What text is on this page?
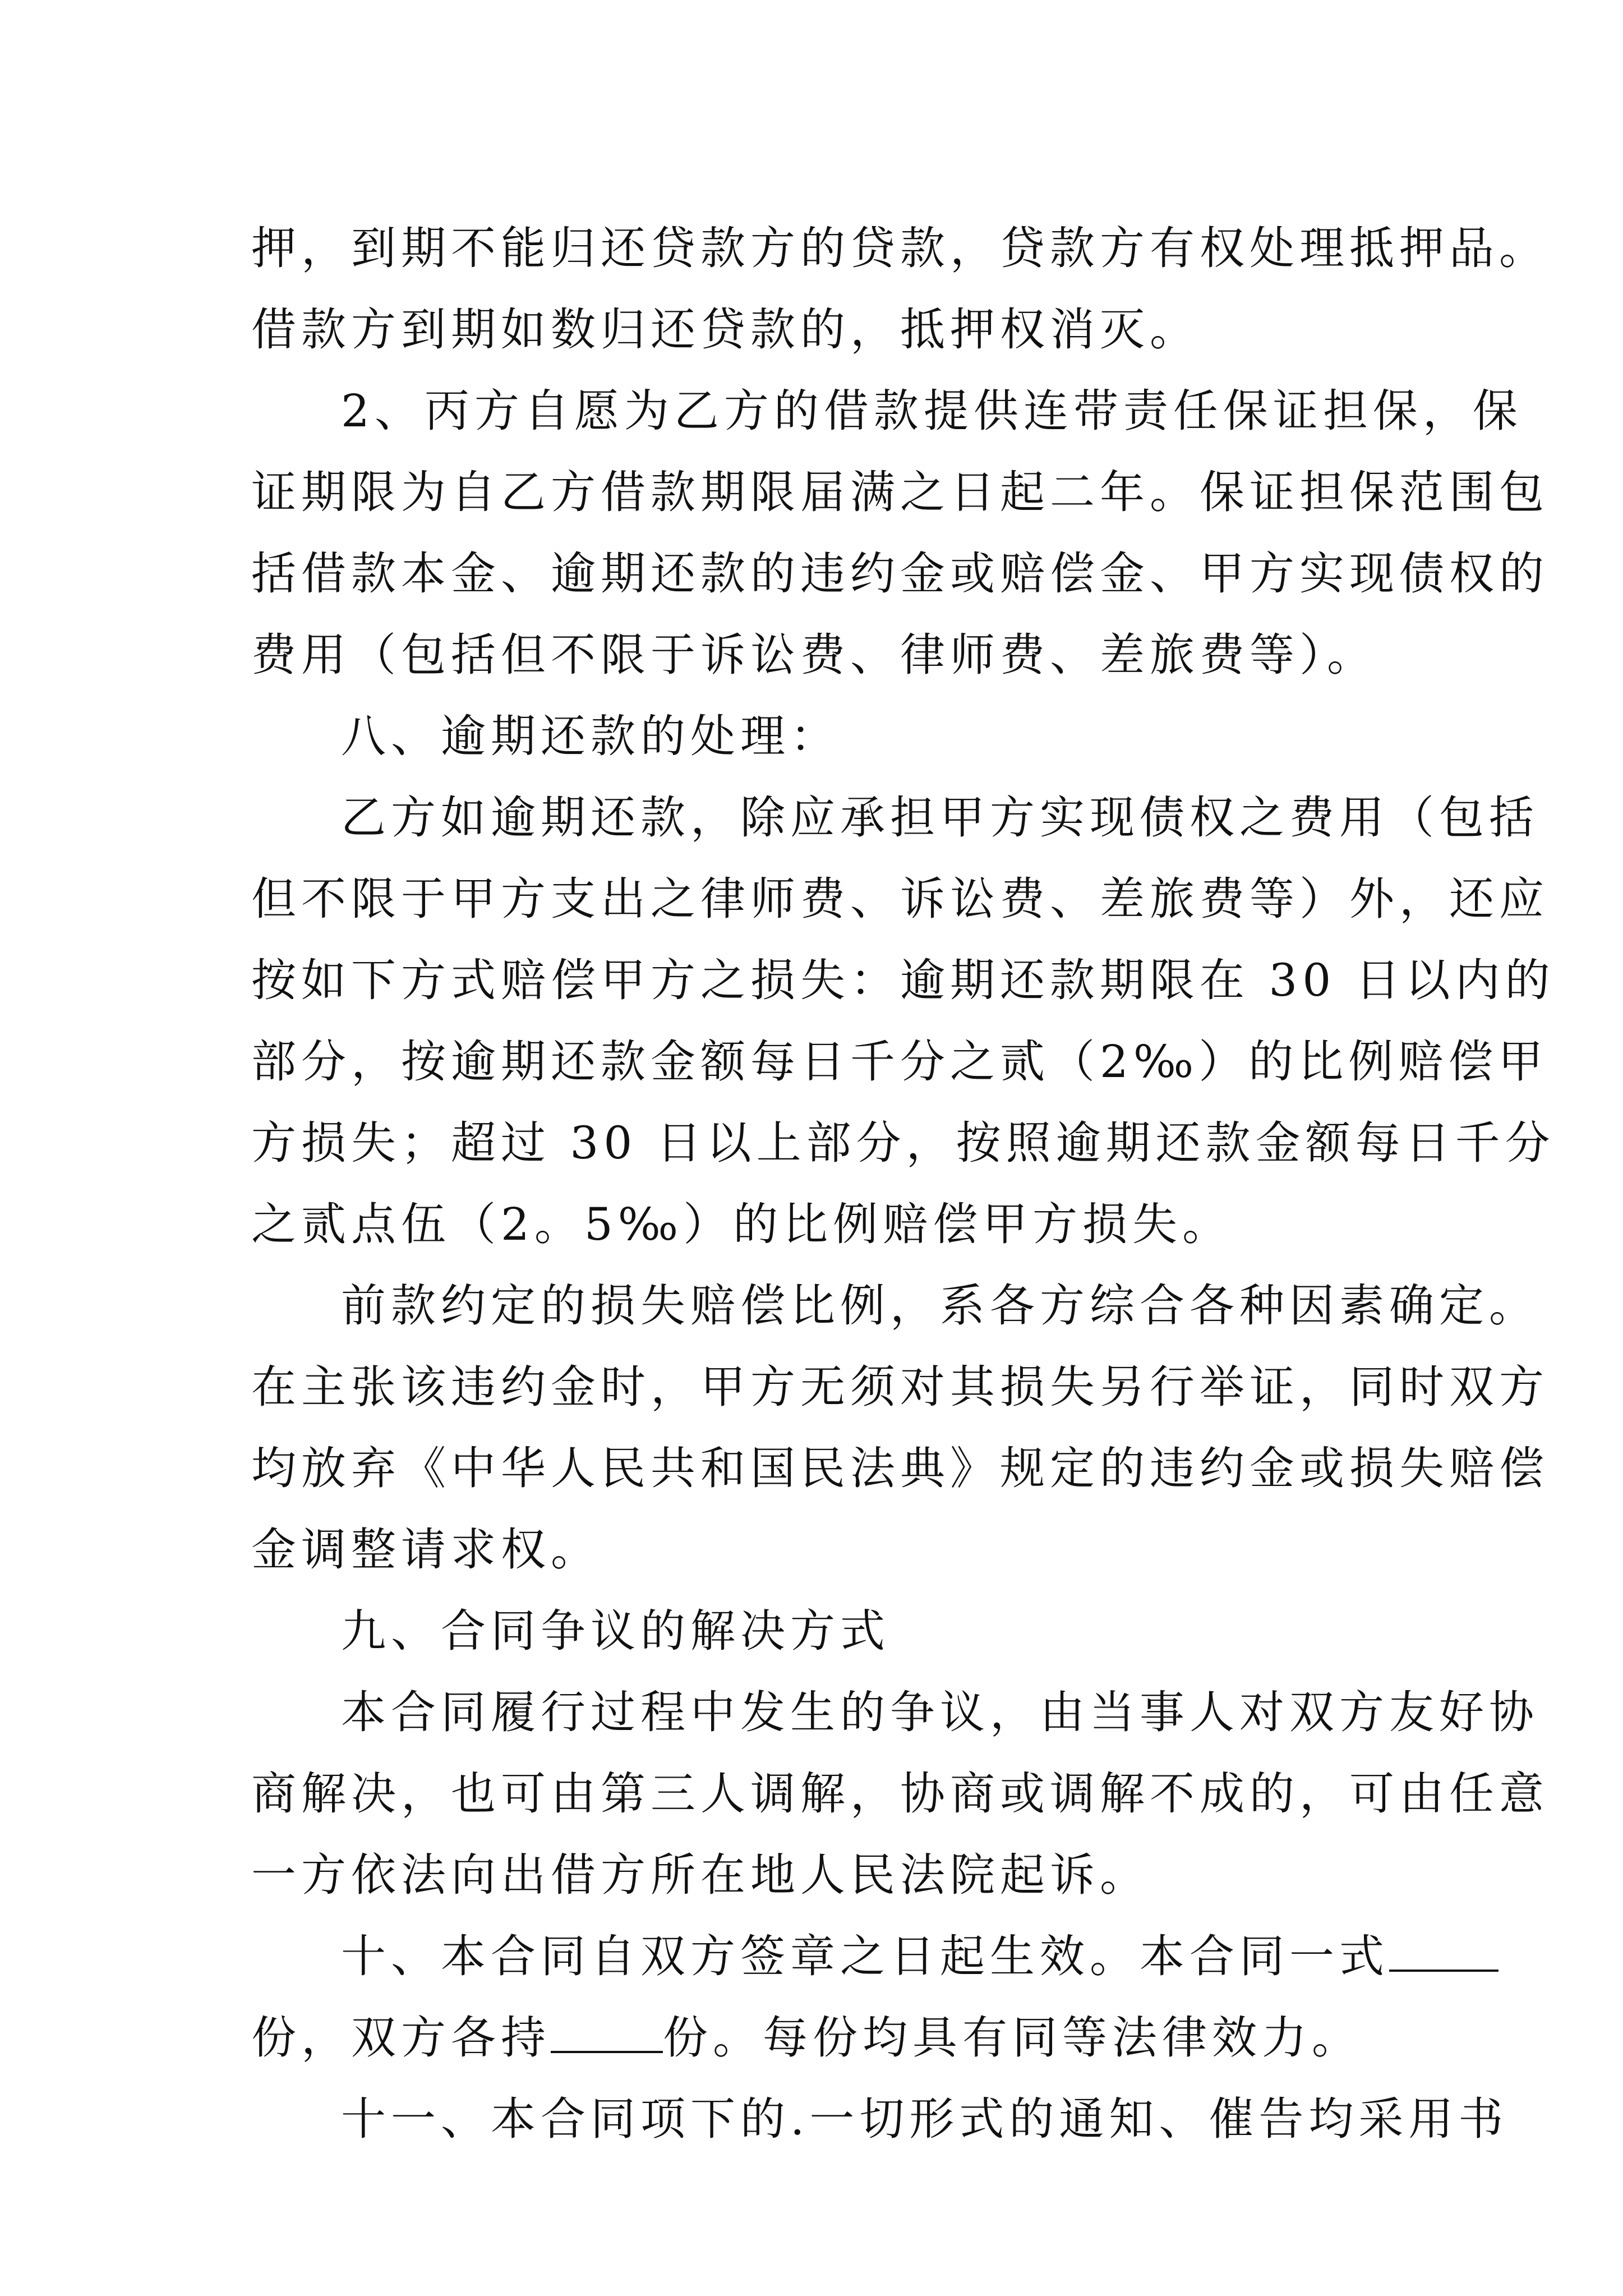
押，到期不能归还贷款方的贷款，贷款方有权处理抵押品。
借款方到期如数归还贷款的，抵押权消灭。
2、丙方自愿为乙方的借款提供连带责任保证担保，保
证期限为自乙方借款期限届满之日起二年。保证担保范围包
括借款本金、逾期还款的违约金或赔偿金、甲方实现债权的
费用（包括但不限于诉讼费、律师费、差旅费等）。
八、逾期还款的处理：
乙方如逾期还款，除应承担甲方实现债权之费用（包括
但不限于甲方支出之律师费、诉讼费、差旅费等）外，还应
按如下方式赔偿甲方之损失：逾期还款期限在 30 日以内的
部分，按逾期还款金额每日千分之贰（2‰）的比例赔偿甲
方损失；超过 30 日以上部分，按照逾期还款金额每日千分
之贰点伍（2。5‰）的比例赔偿甲方损失。
前款约定的损失赔偿比例，系各方综合各种因素确定。
在主张该违约金时，甲方无须对其损失另行举证，同时双方
均放弃《中华人民共和国民法典》规定的违约金或损失赔偿
金调整请求权。
九、合同争议的解决方式
本合同履行过程中发生的争议，由当事人对双方友好协
商解决，也可由第三人调解，协商或调解不成的，可由任意
一方依法向出借方所在地人民法院起诉。
十、本合同自双方签章之日起生效。本合同一式
份，双方各持	份。每份均具有同等法律效力。
十一、本合同项下的.一切形式的通知、催告均采用书
